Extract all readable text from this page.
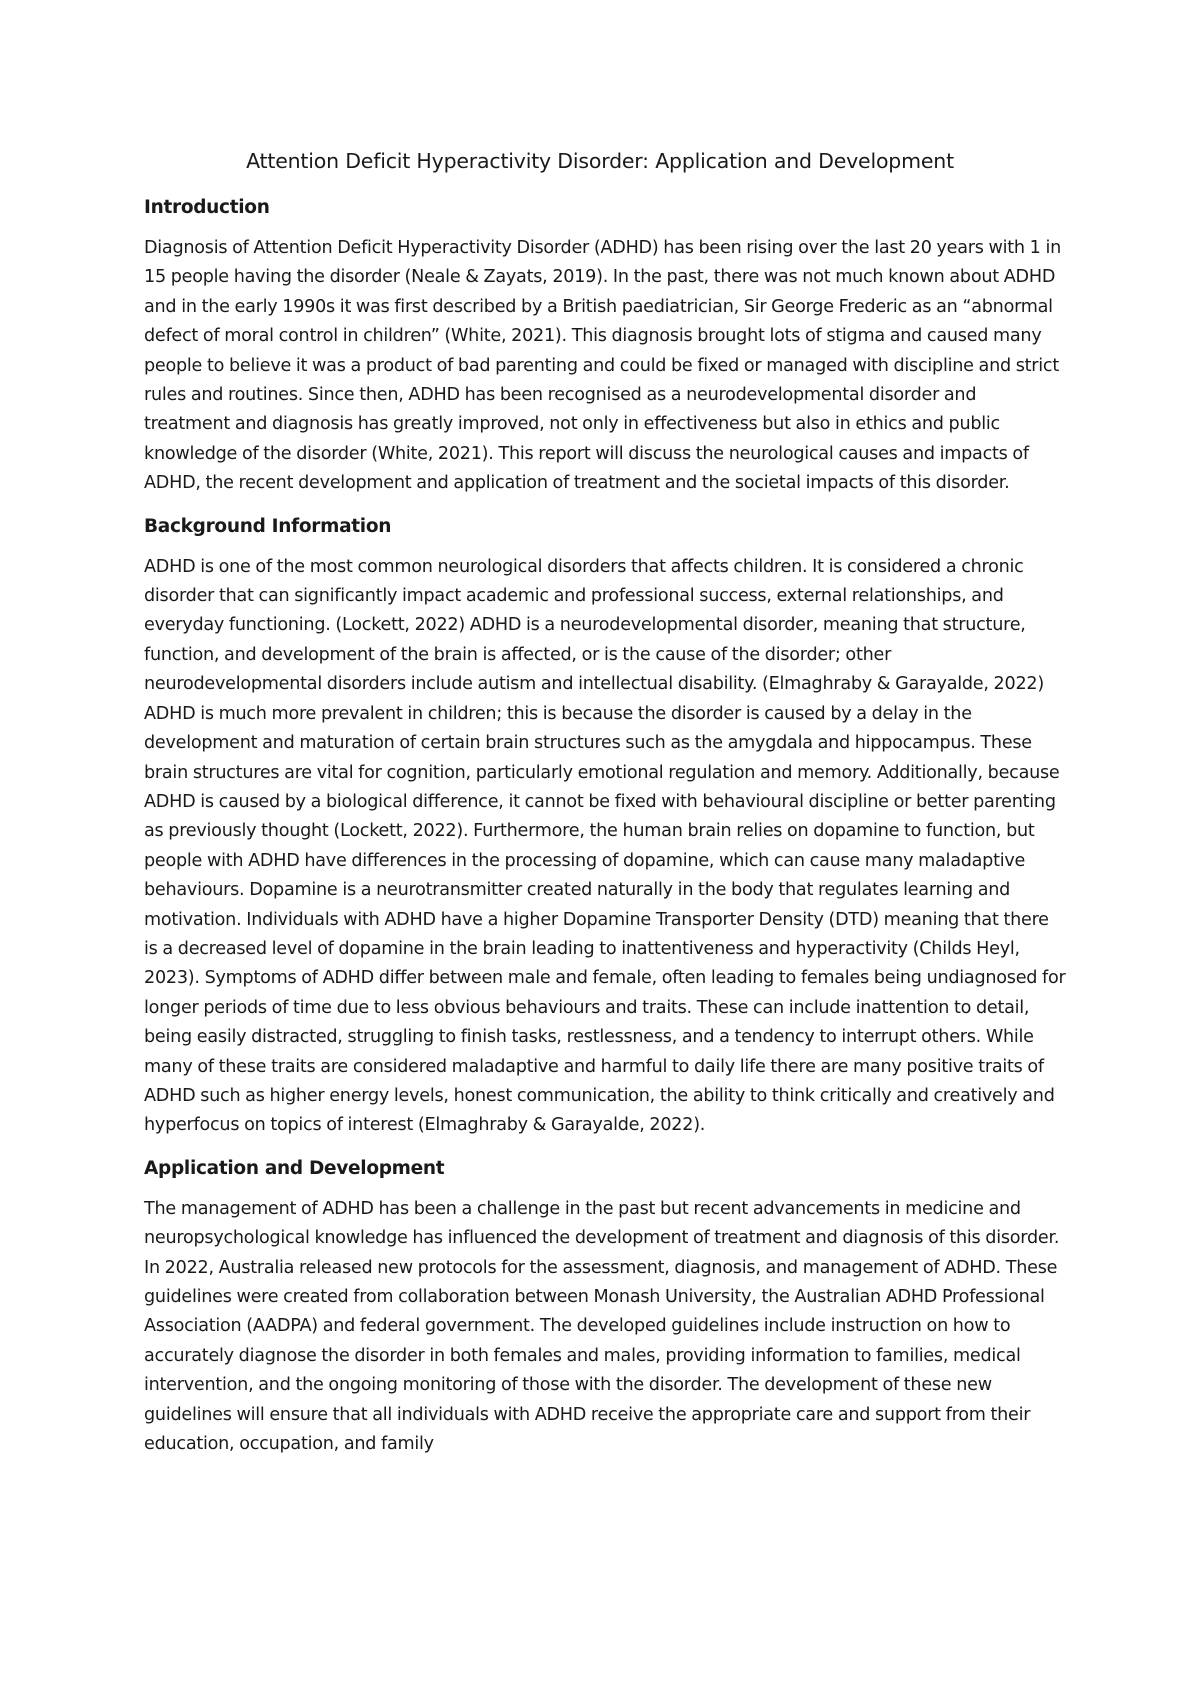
Attention Deficit Hyperactivity Disorder: Application and Development
Introduction

Diagnosis of Attention Deficit Hyperactivity Disorder (ADHD) has been rising over the last 20 years with 1 in 15 people having the disorder (Neale & Zayats, 2019). In the past, there was not much known about ADHD and in the early 1990s it was first described by a British paediatrician, Sir George Frederic as an “abnormal defect of moral control in children” (White, 2021). This diagnosis brought lots of stigma and caused many people to believe it was a product of bad parenting and could be fixed or managed with discipline and strict rules and routines. Since then, ADHD has been recognised as a neurodevelopmental disorder and treatment and diagnosis has greatly improved, not only in effectiveness but also in ethics and public knowledge of the disorder (White, 2021). This report will discuss the neurological causes and impacts of ADHD, the recent development and application of treatment and the societal impacts of this disorder.

Background Information

ADHD is one of the most common neurological disorders that affects children. It is considered a chronic disorder that can significantly impact academic and professional success, external relationships, and everyday functioning. (Lockett, 2022) ADHD is a neurodevelopmental disorder, meaning that structure, function, and development of the brain is affected, or is the cause of the disorder; other neurodevelopmental disorders include autism and intellectual disability. (Elmaghraby & Garayalde, 2022) ADHD is much more prevalent in children; this is because the disorder is caused by a delay in the development and maturation of certain brain structures such as the amygdala and hippocampus. These brain structures are vital for cognition, particularly emotional regulation and memory. Additionally, because ADHD is caused by a biological difference, it cannot be fixed with behavioural discipline or better parenting as previously thought (Lockett, 2022). Furthermore, the human brain relies on dopamine to function, but people with ADHD have differences in the processing of dopamine, which can cause many maladaptive behaviours. Dopamine is a neurotransmitter created naturally in the body that regulates learning and motivation. Individuals with ADHD have a higher Dopamine Transporter Density (DTD) meaning that there is a decreased level of dopamine in the brain leading to inattentiveness and hyperactivity (Childs Heyl, 2023). Symptoms of ADHD differ between male and female, often leading to females being undiagnosed for longer periods of time due to less obvious behaviours and traits. These can include inattention to detail, being easily distracted, struggling to finish tasks, restlessness, and a tendency to interrupt others. While many of these traits are considered maladaptive and harmful to daily life there are many positive traits of ADHD such as higher energy levels, honest communication, the ability to think critically and creatively and hyperfocus on topics of interest (Elmaghraby & Garayalde, 2022).

Application and Development

The management of ADHD has been a challenge in the past but recent advancements in medicine and neuropsychological knowledge has influenced the development of treatment and diagnosis of this disorder. In 2022, Australia released new protocols for the assessment, diagnosis, and management of ADHD. These guidelines were created from collaboration between Monash University, the Australian ADHD Professional Association (AADPA) and federal government. The developed guidelines include instruction on how to accurately diagnose the disorder in both females and males, providing information to families, medical intervention, and the ongoing monitoring of those with the disorder. The development of these new guidelines will ensure that all individuals with ADHD receive the appropriate care and support from their education, occupation, and family
